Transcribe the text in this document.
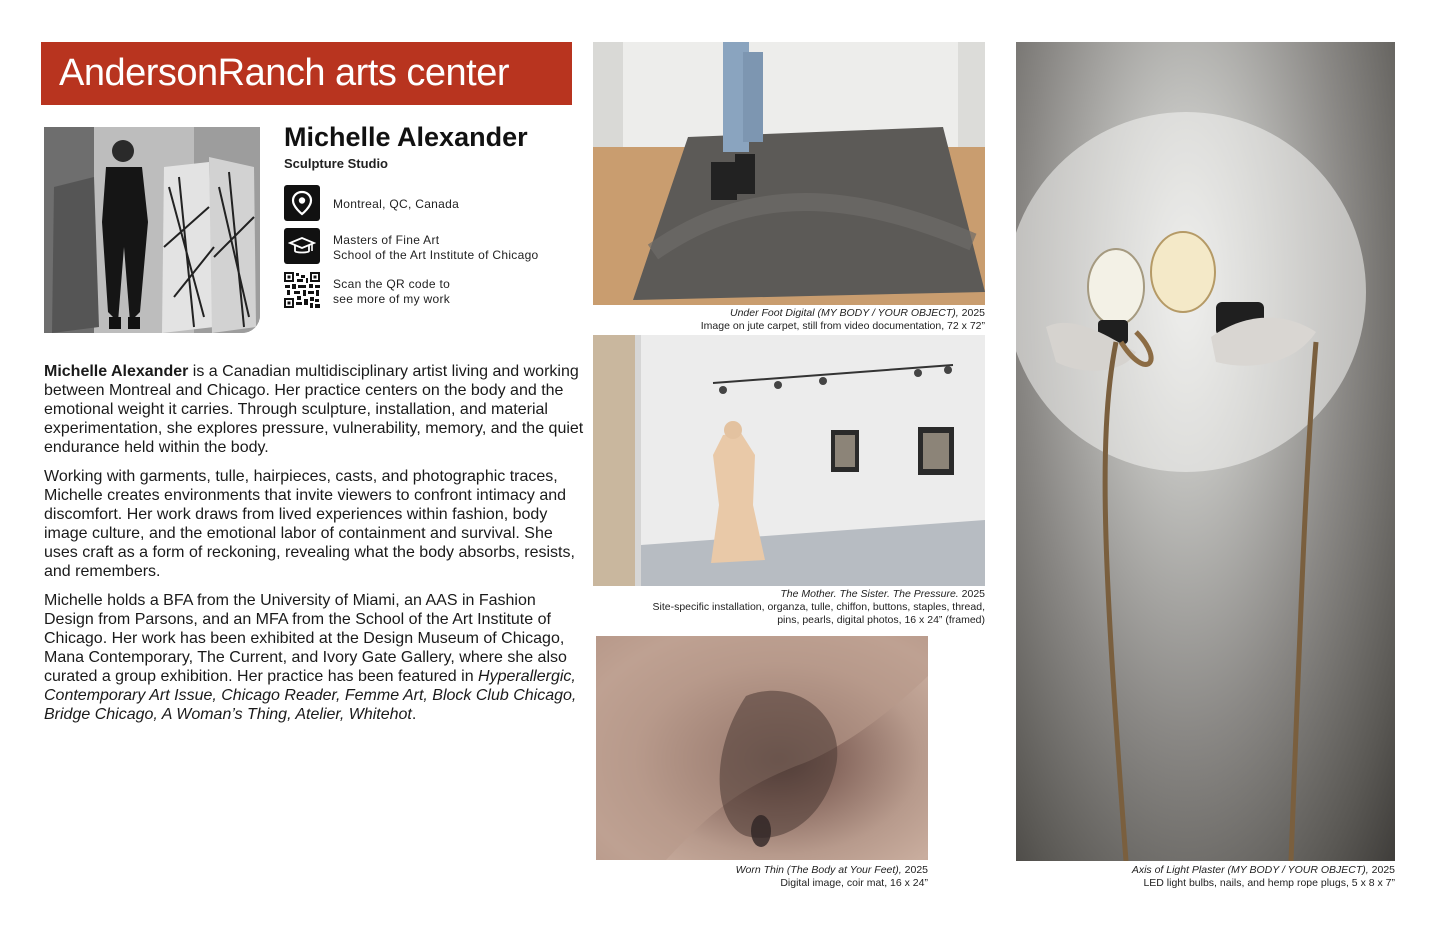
AndersonRanch arts center
Michelle Alexander
Sculpture Studio
Montreal, QC, Canada
Masters of Fine Art
School of the Art Institute of Chicago
Scan the QR code to
see more of my work

Michelle Alexander is a Canadian multidisciplinary artist living and working between Montreal and Chicago. Her practice centers on the body and the emotional weight it carries. Through sculpture, installation, and material experimentation, she explores pressure, vulnerability, memory, and the quiet endurance held within the body.

Working with garments, tulle, hairpieces, casts, and photographic traces, Michelle creates environments that invite viewers to confront intimacy and discomfort. Her work draws from lived experiences within fashion, body image culture, and the emotional labor of containment and survival. She uses craft as a form of reckoning, revealing what the body absorbs, resists, and remembers.

Michelle holds a BFA from the University of Miami, an AAS in Fashion Design from Parsons, and an MFA from the School of the Art Institute of Chicago. Her work has been exhibited at the Design Museum of Chicago, Mana Contemporary, The Current, and Ivory Gate Gallery, where she also curated a group exhibition. Her practice has been featured in Hyperallergic, Contemporary Art Issue, Chicago Reader, Femme Art, Block Club Chicago, Bridge Chicago, A Woman’s Thing, Atelier, Whitehot.

Under Foot Digital (MY BODY / YOUR OBJECT), 2025
Image on jute carpet, still from video documentation, 72 x 72”
The Mother. The Sister. The Pressure. 2025
Site-specific installation, organza, tulle, chiffon, buttons, staples, thread,
pins, pearls, digital photos, 16 x 24” (framed)
Worn Thin (The Body at Your Feet), 2025
Digital image, coir mat, 16 x 24”
Axis of Light Plaster (MY BODY / YOUR OBJECT), 2025
LED light bulbs, nails, and hemp rope plugs, 5 x 8 x 7”
